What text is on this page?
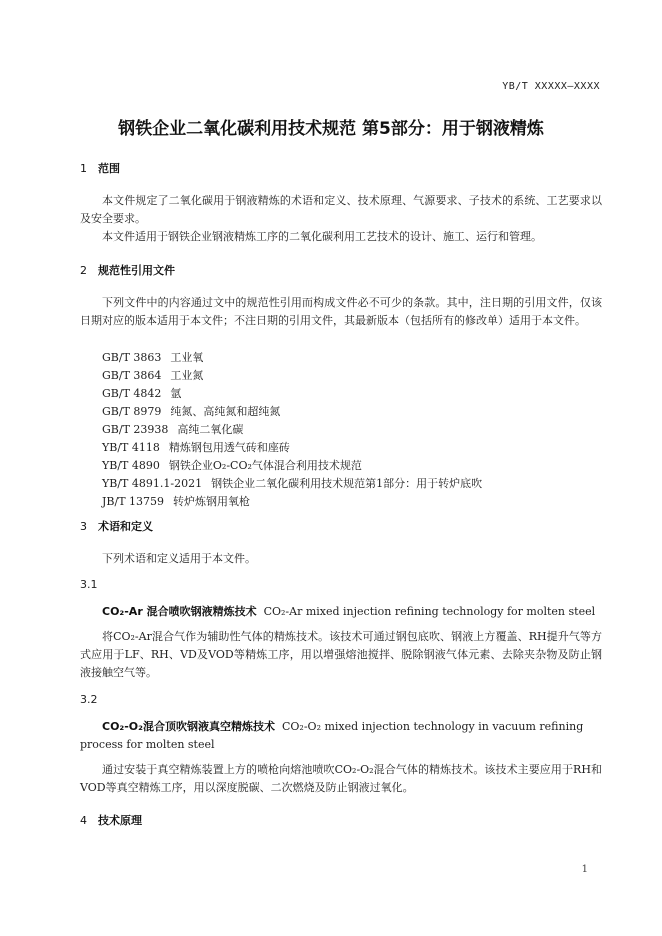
YB/T XXXXX—XXXX
钢铁企业二氧化碳利用技术规范 第5部分：用于钢液精炼
1 范围
本文件规定了二氧化碳用于钢液精炼的术语和定义、技术原理、气源要求、子技术的系统、工艺要求以及安全要求。
本文件适用于钢铁企业钢液精炼工序的二氧化碳利用工艺技术的设计、施工、运行和管理。
2 规范性引用文件
下列文件中的内容通过文中的规范性引用而构成文件必不可少的条款。其中，注日期的引用文件，仅该日期对应的版本适用于本文件；不注日期的引用文件，其最新版本（包括所有的修改单）适用于本文件。
GB/T 3863 工业氧
GB/T 3864 工业氮
GB/T 4842 氩
GB/T 8979 纯氮、高纯氮和超纯氮
GB/T 23938 高纯二氧化碳
YB/T 4118 精炼钢包用透气砖和座砖
YB/T 4890 钢铁企业O₂-CO₂气体混合利用技术规范
YB/T 4891.1-2021 钢铁企业二氧化碳利用技术规范第1部分：用于转炉底吹
JB/T 13759 转炉炼钢用氧枪
3 术语和定义
下列术语和定义适用于本文件。
3.1
CO₂-Ar 混合喷吹钢液精炼技术 CO₂-Ar mixed injection refining technology for molten steel
将CO₂-Ar混合气作为辅助性气体的精炼技术。该技术可通过钢包底吹、钢液上方覆盖、RH提升气等方式应用于LF、RH、VD及VOD等精炼工序，用以增强熔池搅拌、脱除钢液气体元素、去除夹杂物及防止钢液接触空气等。
3.2
CO₂-O₂混合顶吹钢液真空精炼技术 CO₂-O₂ mixed injection technology in vacuum refining process for molten steel
通过安装于真空精炼装置上方的喷枪向熔池喷吹CO₂-O₂混合气体的精炼技术。该技术主要应用于RH和VOD等真空精炼工序，用以深度脱碳、二次燃烧及防止钢液过氧化。
4 技术原理
1
